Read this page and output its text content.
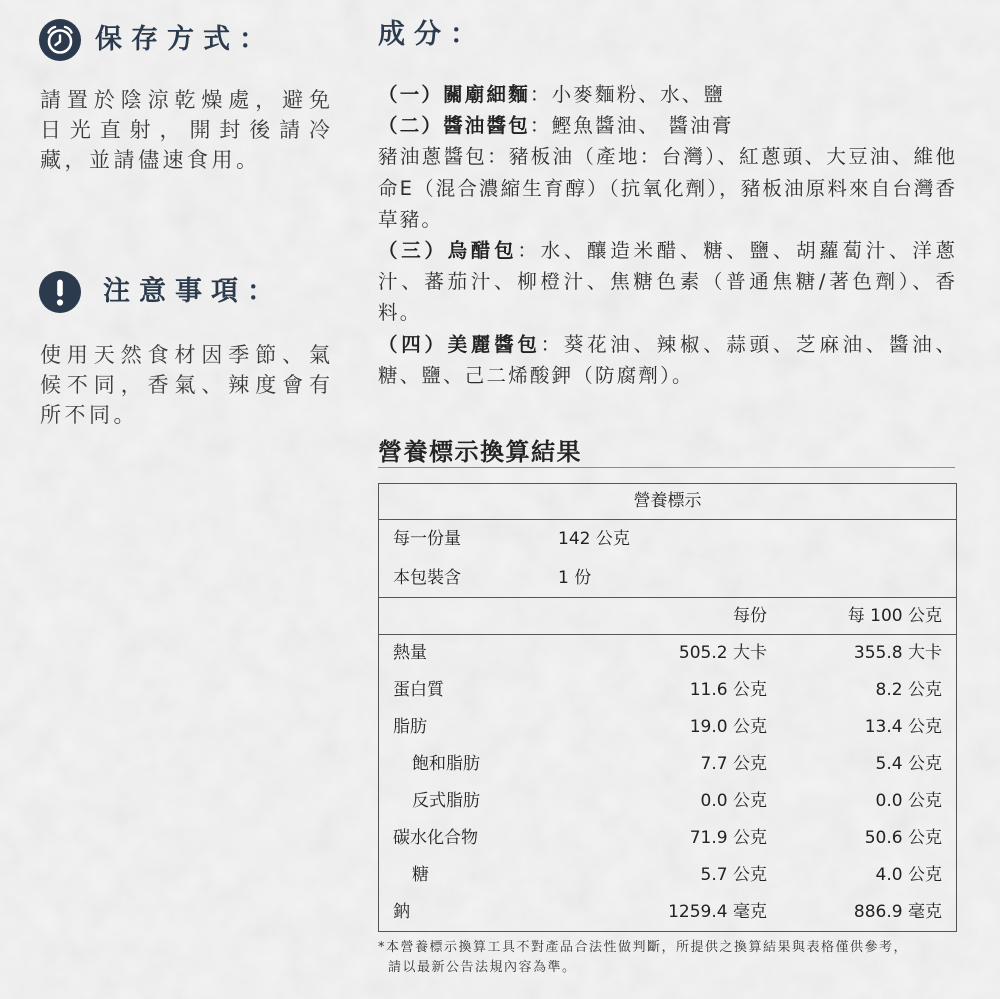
保存方式：
請置於陰涼乾燥處，避免
日光直射，開封後請冷
藏，並請儘速食用。
注意事項：
使用天然食材因季節、氣
候不同，香氣、辣度會有
所不同。
成分：
（一）關廟細麵：小麥麵粉、水、鹽
（二）醬油醬包：鰹魚醬油、 醬油膏
豬油蔥醬包：豬板油（產地：台灣）、紅蔥頭、大豆油、維他
命E（混合濃縮生育醇）（抗氧化劑），豬板油原料來自台灣香
草豬。
（三）烏醋包：水、釀造米醋、糖、鹽、胡蘿蔔汁、洋蔥
汁、蕃茄汁、柳橙汁、焦糖色素（普通焦糖/著色劑）、香
料。
（四）美麗醬包：葵花油、辣椒、蒜頭、芝麻油、醬油、
糖、鹽、己二烯酸鉀（防腐劑）。
營養標示換算結果
營養標示
每一份量	142 公克
本包裝含	1 份
每份	每 100 公克
熱量	505.2 大卡	355.8 大卡
蛋白質	11.6 公克	8.2 公克
脂肪	19.0 公克	13.4 公克
飽和脂肪	7.7 公克	5.4 公克
反式脂肪	0.0 公克	0.0 公克
碳水化合物	71.9 公克	50.6 公克
糖	5.7 公克	4.0 公克
鈉	1259.4 毫克	886.9 毫克
*本營養標示換算工具不對產品合法性做判斷，所提供之換算結果與表格僅供參考，
請以最新公告法規內容為準。
